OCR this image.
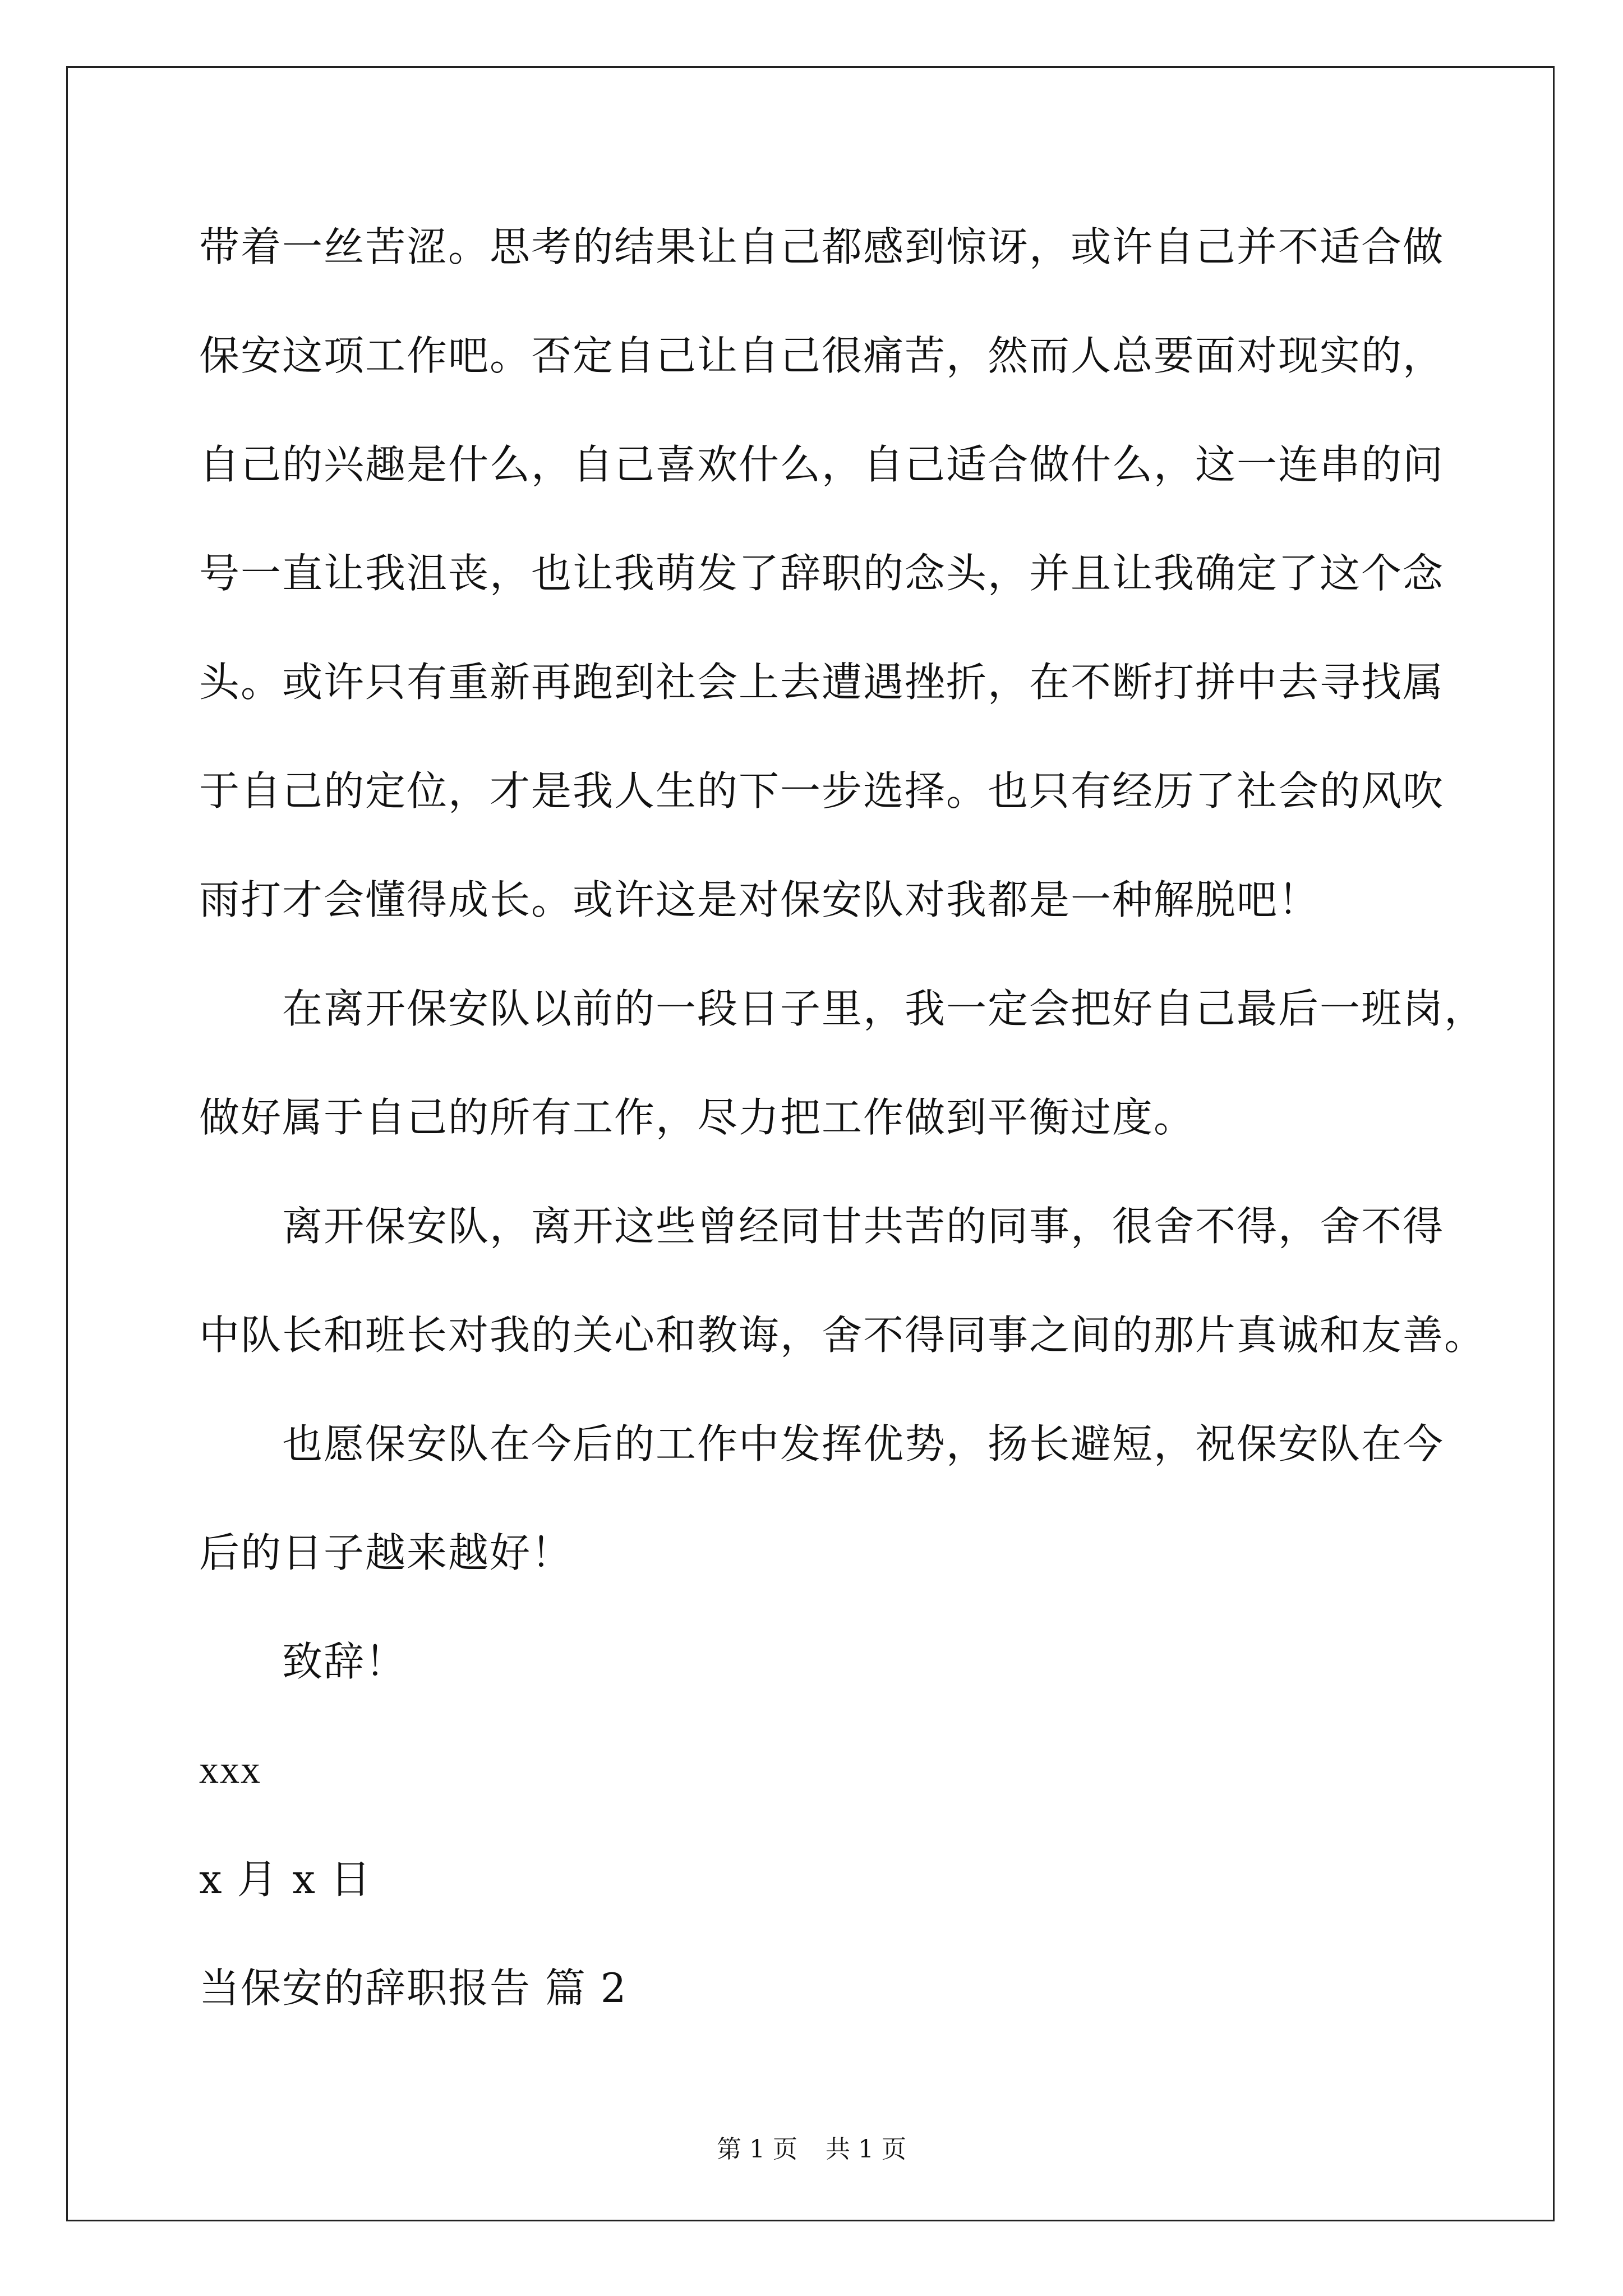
带着一丝苦涩。思考的结果让自己都感到惊讶，或许自己并不适合做
保安这项工作吧。否定自己让自己很痛苦，然而人总要面对现实的，
自己的兴趣是什么，自己喜欢什么，自己适合做什么，这一连串的问
号一直让我沮丧，也让我萌发了辞职的念头，并且让我确定了这个念
头。或许只有重新再跑到社会上去遭遇挫折，在不断打拼中去寻找属
于自己的定位，才是我人生的下一步选择。也只有经历了社会的风吹
雨打才会懂得成长。或许这是对保安队对我都是一种解脱吧！
在离开保安队以前的一段日子里，我一定会把好自己最后一班岗，
做好属于自己的所有工作，尽力把工作做到平衡过度。
离开保安队，离开这些曾经同甘共苦的同事，很舍不得，舍不得
中队长和班长对我的关心和教诲，舍不得同事之间的那片真诚和友善。
也愿保安队在今后的工作中发挥优势，扬长避短，祝保安队在今
后的日子越来越好！
致辞！
xxx
x 月 x 日
当保安的辞职报告 篇 2
第 1 页 共 1 页
